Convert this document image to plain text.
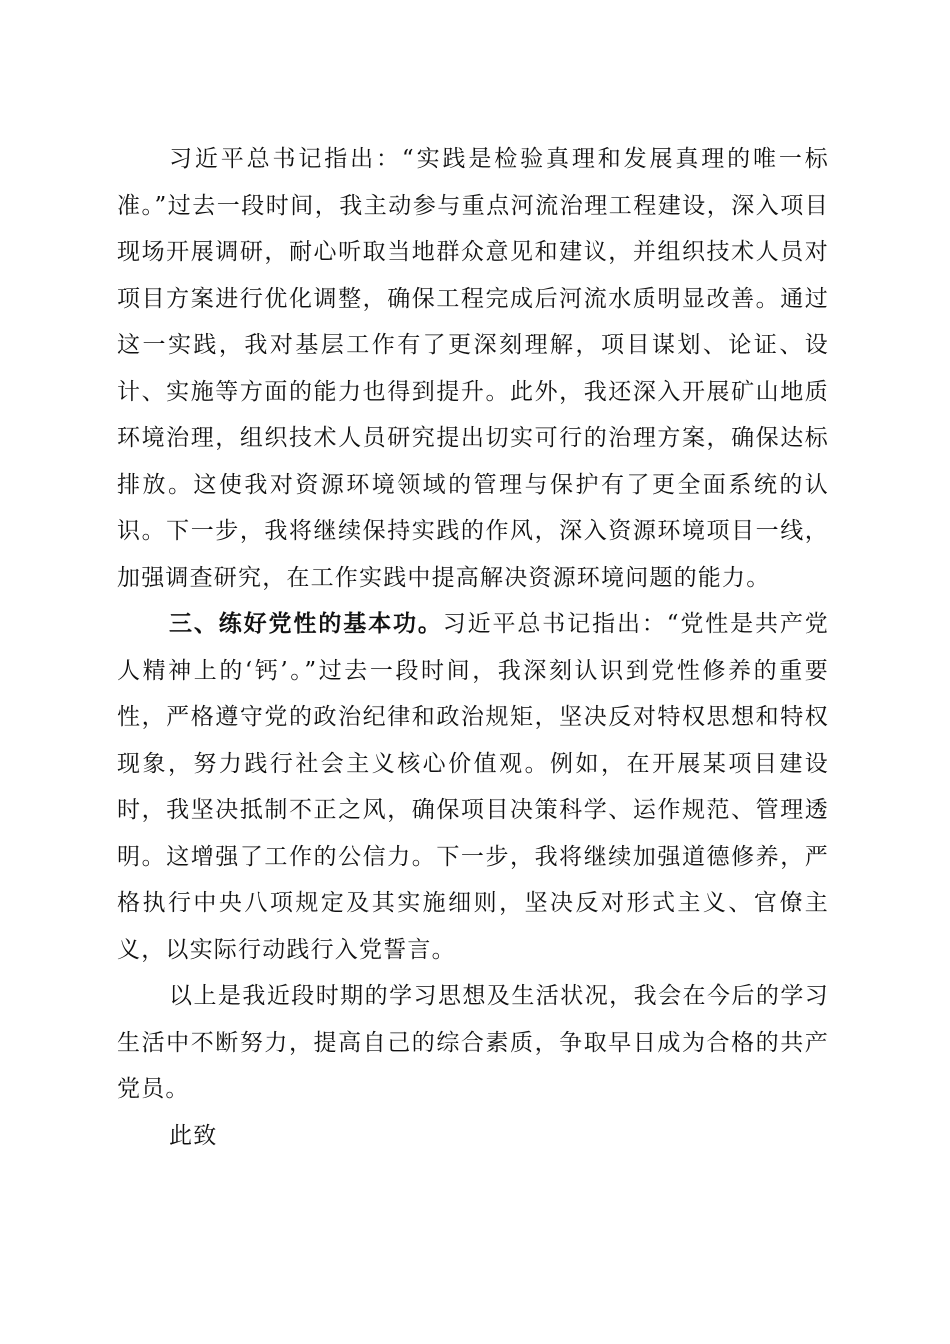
习近平总书记指出：“实践是检验真理和发展真理的唯一标准。”过去一段时间，我主动参与重点河流治理工程建设，深入项目现场开展调研，耐心听取当地群众意见和建议，并组织技术人员对项目方案进行优化调整，确保工程完成后河流水质明显改善。通过这一实践，我对基层工作有了更深刻理解，项目谋划、论证、设计、实施等方面的能力也得到提升。此外，我还深入开展矿山地质环境治理，组织技术人员研究提出切实可行的治理方案，确保达标排放。这使我对资源环境领域的管理与保护有了更全面系统的认识。下一步，我将继续保持实践的作风，深入资源环境项目一线，加强调查研究，在工作实践中提高解决资源环境问题的能力。

三、练好党性的基本功。习近平总书记指出：“党性是共产党人精神上的‘钙’。”过去一段时间，我深刻认识到党性修养的重要性，严格遵守党的政治纪律和政治规矩，坚决反对特权思想和特权现象，努力践行社会主义核心价值观。例如，在开展某项目建设时，我坚决抵制不正之风，确保项目决策科学、运作规范、管理透明。这增强了工作的公信力。下一步，我将继续加强道德修养，严格执行中央八项规定及其实施细则，坚决反对形式主义、官僚主义，以实际行动践行入党誓言。

以上是我近段时期的学习思想及生活状况，我会在今后的学习生活中不断努力，提高自己的综合素质，争取早日成为合格的共产党员。

此致
